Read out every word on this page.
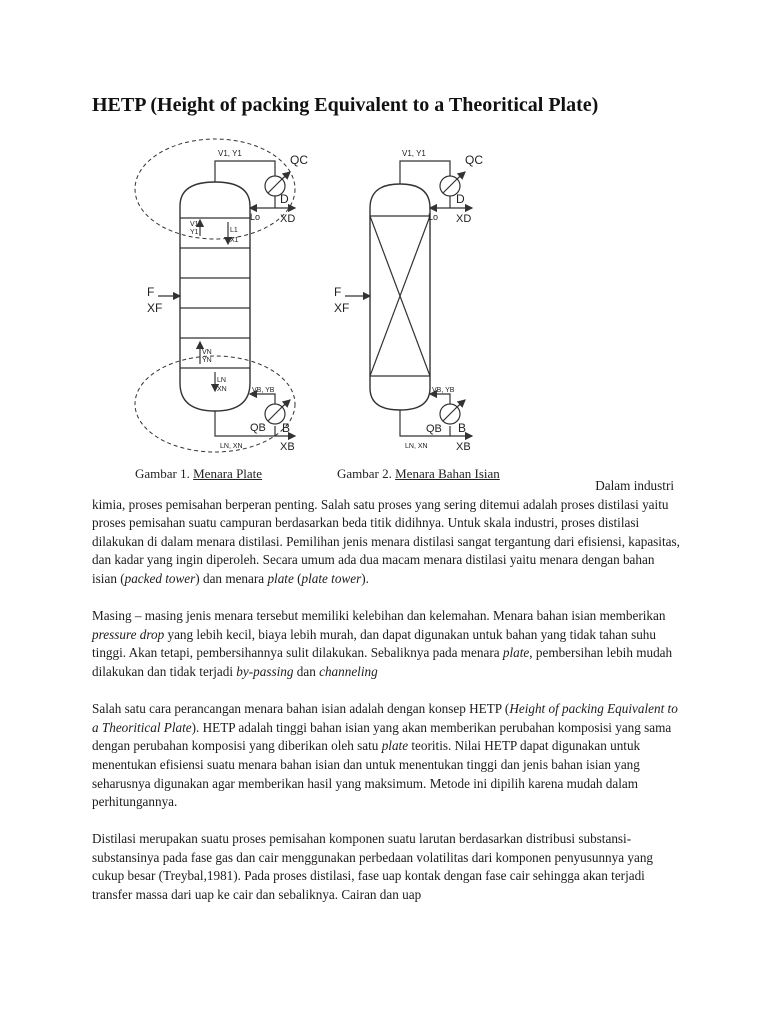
HETP (Height of packing Equivalent to a Theoritical Plate)
V1, Y1	QC
D
Lo XD
V1
Y1	L1
X1
F
XF
VN
YN
LN
XN	VB, YB
QB B
XB
LN, XN
V1, Y1	QC
D
Lo XD
F
XF
VB, YB
QB B
XB
LN, XN
Gambar 1. Menara Plate	Gambar 2. Menara Bahan Isian

Dalam industri
kimia, proses pemisahan berperan penting. Salah satu proses yang sering ditemui adalah proses distilasi yaitu proses pemisahan suatu campuran berdasarkan beda titik didihnya. Untuk skala industri, proses distilasi dilakukan di dalam menara distilasi. Pemilihan jenis menara distilasi sangat tergantung dari efisiensi, kapasitas, dan kadar yang ingin diperoleh. Secara umum ada dua macam menara distilasi yaitu menara dengan bahan isian (packed tower) dan menara plate (plate tower).

Masing – masing jenis menara tersebut memiliki kelebihan dan kelemahan. Menara bahan isian memberikan pressure drop yang lebih kecil, biaya lebih murah, dan dapat digunakan untuk bahan yang tidak tahan suhu tinggi. Akan tetapi, pembersihannya sulit dilakukan. Sebaliknya pada menara plate, pembersihan lebih mudah dilakukan dan tidak terjadi by-passing dan channeling

Salah satu cara perancangan menara bahan isian adalah dengan konsep HETP (Height of packing Equivalent to a Theoritical Plate). HETP adalah tinggi bahan isian yang akan memberikan perubahan komposisi yang sama dengan perubahan komposisi yang diberikan oleh satu plate teoritis. Nilai HETP dapat digunakan untuk menentukan efisiensi suatu menara bahan isian dan untuk menentukan tinggi dan jenis bahan isian yang seharusnya digunakan agar memberikan hasil yang maksimum. Metode ini dipilih karena mudah dalam perhitungannya.

Distilasi merupakan suatu proses pemisahan komponen suatu larutan berdasarkan distribusi substansi-substansinya pada fase gas dan cair menggunakan perbedaan volatilitas dari komponen penyusunnya yang cukup besar (Treybal,1981). Pada proses distilasi, fase uap kontak dengan fase cair sehingga akan terjadi transfer massa dari uap ke cair dan sebaliknya. Cairan dan uap
